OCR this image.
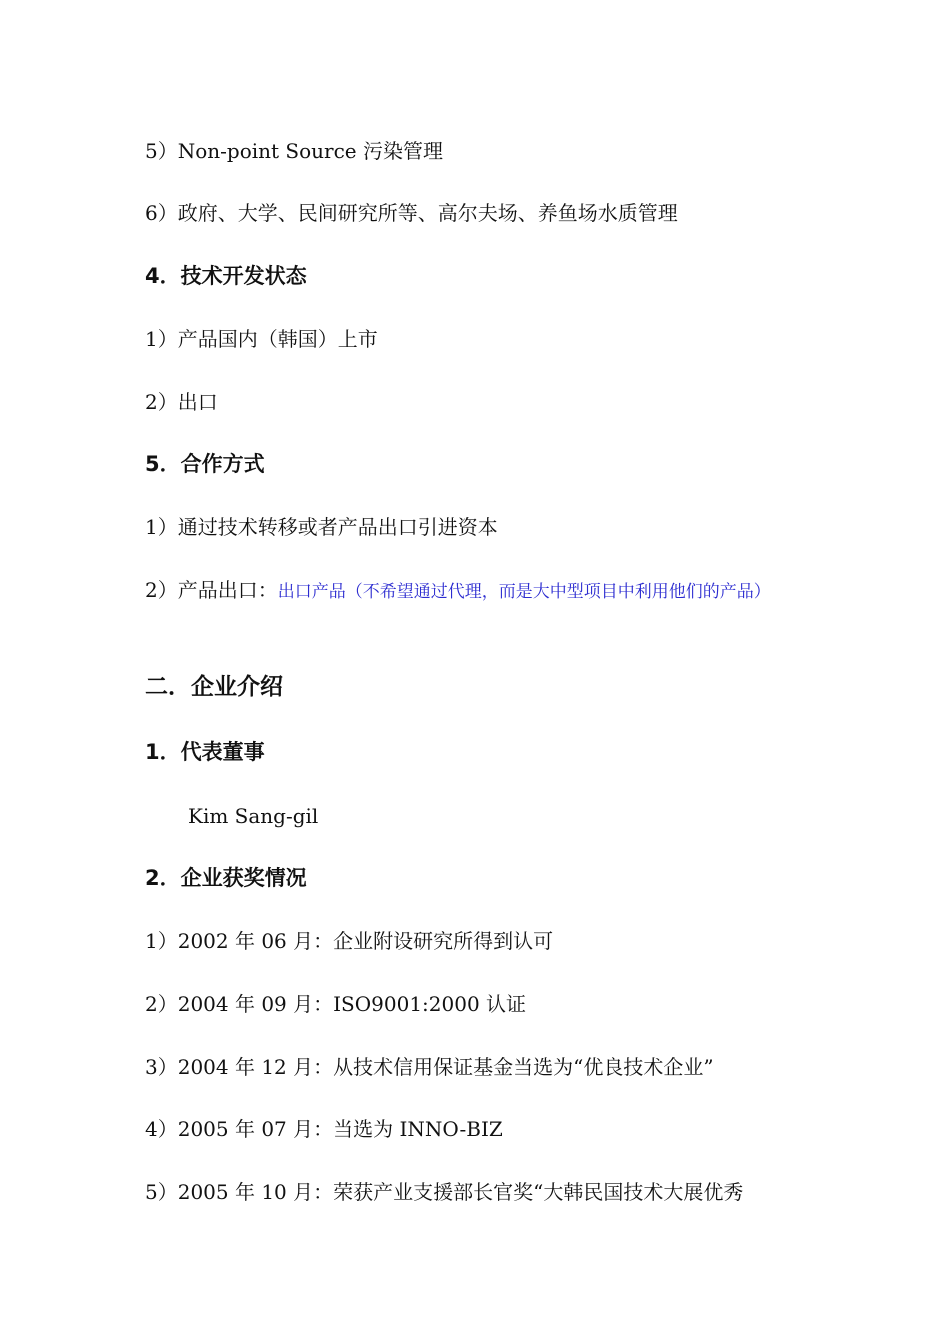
5）Non-point Source 污染管理

6）政府、大学、民间研究所等、高尔夫场、养鱼场水质管理

4．技术开发状态

1）产品国内（韩国）上市

2）出口

5．合作方式

1）通过技术转移或者产品出口引进资本

2）产品出口：出口产品（不希望通过代理，而是大中型项目中利用他们的产品）

二．企业介绍

1．代表董事

Kim Sang-gil

2．企业获奖情况

1）2002 年 06 月：企业附设研究所得到认可

2）2004 年 09 月：ISO9001:2000 认证

3）2004 年 12 月：从技术信用保证基金当选为“优良技术企业”

4）2005 年 07 月：当选为 INNO-BIZ

5）2005 年 10 月：荣获产业支援部长官奖“大韩民国技术大展优秀
